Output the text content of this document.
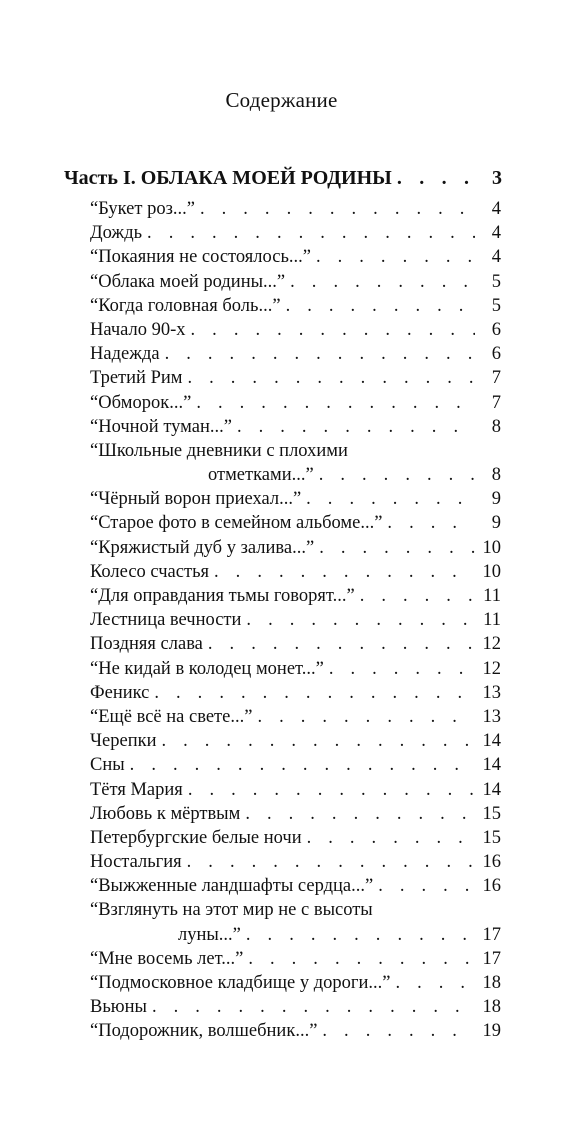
Содержание
Часть I. ОБЛАКА МОЕЙ РОДИНЫ . . .	3
“Букет роз...” . . .	4
Дождь . . .	4
“Покаяния не состоялось...” . . .	4
“Облака моей родины...” . . .	5
“Когда головная боль...” . . .	5
Начало 90-х . . .	6
Надежда . . .	6
Третий Рим . . .	7
“Обморок...” . . .	7
“Ночной туман...” . . .	8
“Школьные дневники с плохими
отметками...” . . .	8
“Чёрный ворон приехал...” . . .	9
“Старое фото в семейном альбоме...” . . .	9
“Кряжистый дуб у залива...” . . .	10
Колесо счастья . . .	10
“Для оправдания тьмы говорят...” . . .	11
Лестница вечности . . .	11
Поздняя слава . . .	12
“Не кидай в колодец монет...” . . .	12
Феникс . . .	13
“Ещё всё на свете...” . . .	13
Черепки . . .	14
Сны . . .	14
Тётя Мария . . .	14
Любовь к мёртвым . . .	15
Петербургские белые ночи . . .	15
Ностальгия . . .	16
“Выжженные ландшафты сердца...” . . .	16
“Взглянуть на этот мир не с высоты
луны...” . . .	17
“Мне восемь лет...” . . .	17
“Подмосковное кладбище у дороги...” . . .	18
Вьюны . . .	18
“Подорожник, волшебник...” . . .	19
